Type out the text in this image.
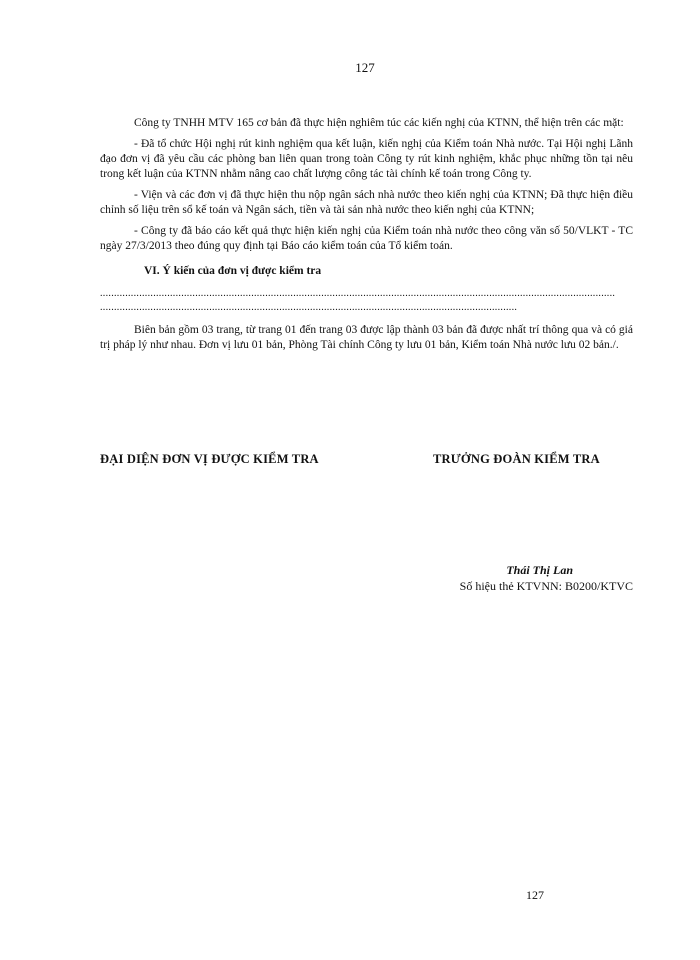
127

Công ty TNHH MTV 165 cơ bản đã thực hiện nghiêm túc các kiến nghị của KTNN, thể hiện trên các mặt:

- Đã tổ chức Hội nghị rút kinh nghiệm qua kết luận, kiến nghị của Kiểm toán Nhà nước. Tại Hội nghị Lãnh đạo đơn vị đã yêu cầu các phòng ban liên quan trong toàn Công ty rút kinh nghiệm, khắc phục những tồn tại nêu trong kết luận của KTNN nhằm nâng cao chất lượng công tác tài chính kế toán trong Công ty.

- Viện và các đơn vị đã thực hiện thu nộp ngân sách nhà nước theo kiến nghị của KTNN; Đã thực hiện điều chỉnh số liệu trên sổ kế toán và Ngân sách, tiền và tài sản nhà nước theo kiến nghị của KTNN;

- Công ty đã báo cáo kết quả thực hiện kiến nghị của Kiểm toán nhà nước theo công văn số 50/VLKT - TC ngày 27/3/2013 theo đúng quy định tại Báo cáo kiểm toán của Tổ kiểm toán.

VI. Ý kiến của đơn vị được kiểm tra

........................................................................................................................................................................................
.....................................................................................................................................................

Biên bản gồm 03 trang, từ trang 01 đến trang 03 được lập thành 03 bản đã được nhất trí thông qua và có giá trị pháp lý như nhau. Đơn vị lưu 01 bản, Phòng Tài chính Công ty lưu 01 bản, Kiểm toán Nhà nước lưu 02 bản./.

ĐẠI DIỆN ĐƠN VỊ ĐƯỢC KIỂM TRA	TRƯỞNG ĐOÀN KIỂM TRA
Thái Thị Lan
Số hiệu thẻ KTVNN: B0200/KTVC
127
